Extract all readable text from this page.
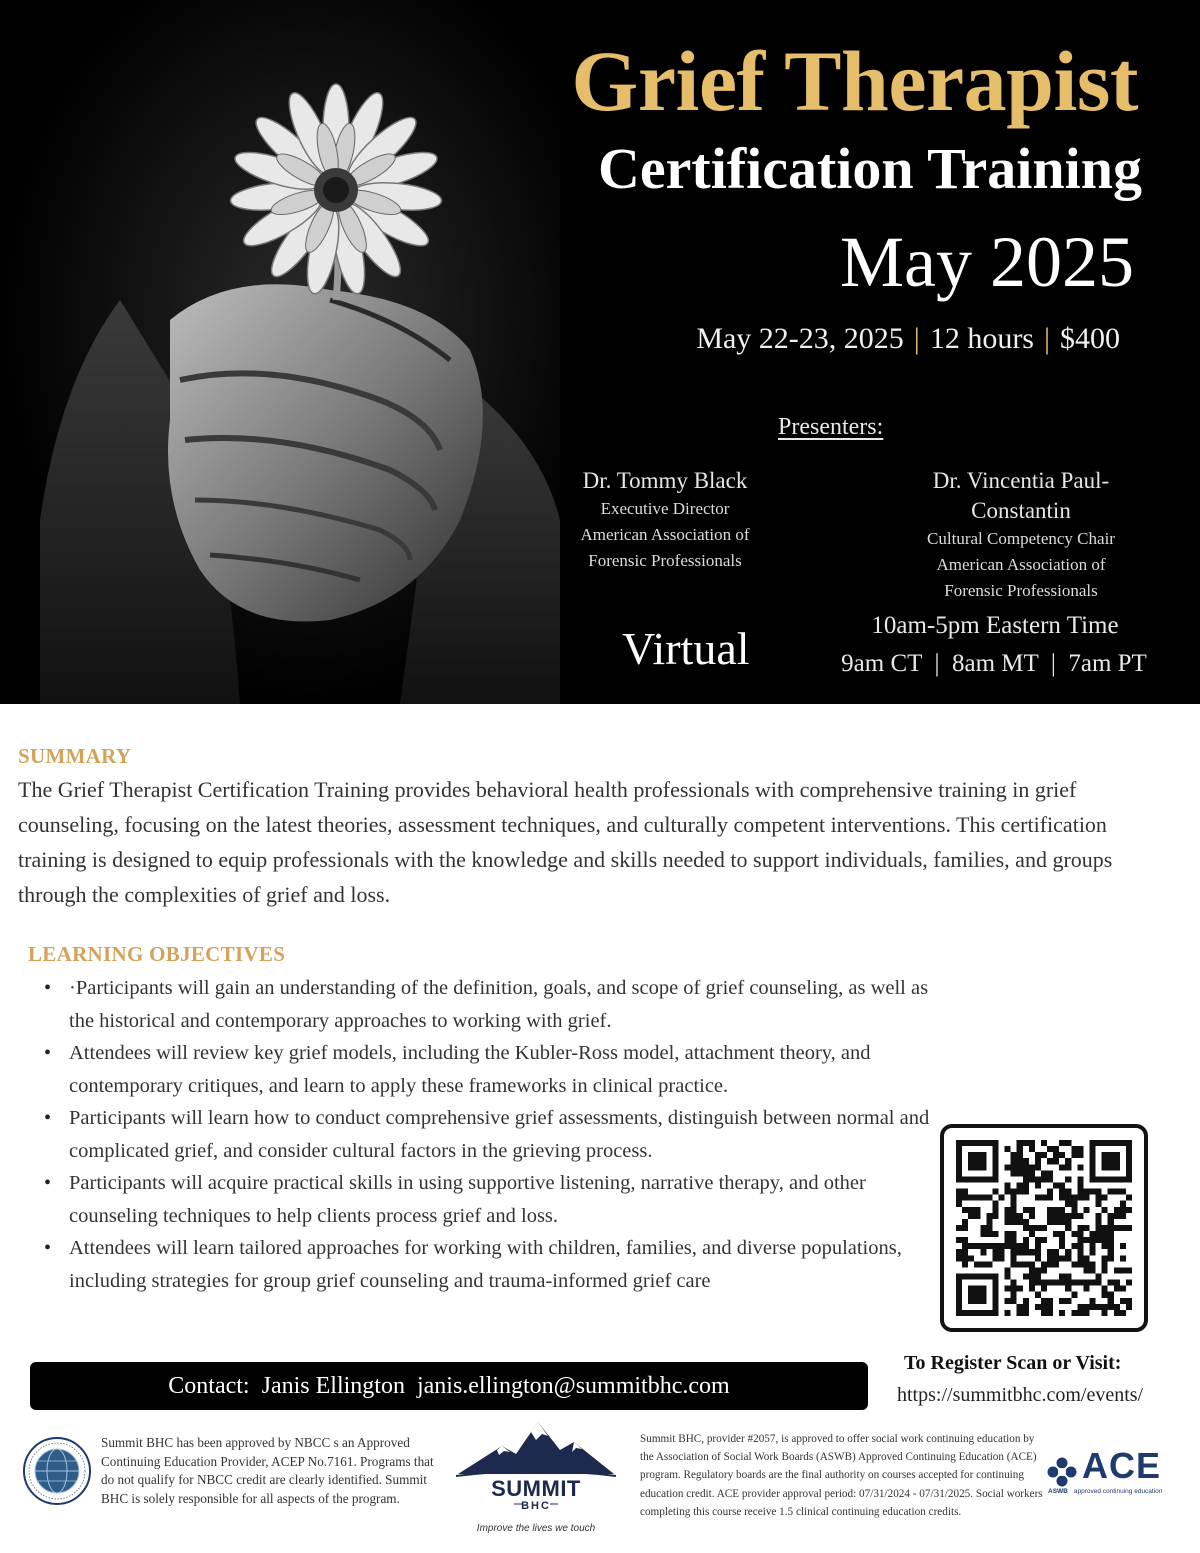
Grief Therapist
Certification Training
May 2025
May 22-23, 2025 | 12 hours | $400
Presenters:
Dr. Tommy Black
Executive Director
American Association of
Forensic Professionals
Dr. Vincentia Paul-Constantin
Cultural Competency Chair
American Association of
Forensic Professionals
Virtual	10am-5pm Eastern Time
9am CT  |  8am MT  |  7am PT
SUMMARY

The Grief Therapist Certification Training provides behavioral health professionals with comprehensive training in grief counseling, focusing on the latest theories, assessment techniques, and culturally competent interventions. This certification training is designed to equip professionals with the knowledge and skills needed to support individuals, families, and groups through the complexities of grief and loss.

LEARNING OBJECTIVES
• ·Participants will gain an understanding of the definition, goals, and scope of grief counseling, as well as the historical and contemporary approaches to working with grief.
• Attendees will review key grief models, including the Kubler-Ross model, attachment theory, and contemporary critiques, and learn to apply these frameworks in clinical practice.
• Participants will learn how to conduct comprehensive grief assessments, distinguish between normal and complicated grief, and consider cultural factors in the grieving process.
• Participants will acquire practical skills in using supportive listening, narrative therapy, and other counseling techniques to help clients process grief and loss.
• Attendees will learn tailored approaches for working with children, families, and diverse populations, including strategies for group grief counseling and trauma-informed grief care
To Register Scan or Visit:
https://summitbhc.com/events/
Contact: Janis Ellington janis.ellington@summitbhc.com

Summit BHC has been approved by NBCC s an Approved Continuing Education Provider, ACEP No.7161. Programs that do not qualify for NBCC credit are clearly identified. Summit BHC is solely responsible for all aspects of the program.	SUMMIT
BHC
Improve the lives we touch

Summit BHC, provider #2057, is approved to offer social work continuing education by the Association of Social Work Boards (ASWB) Approved Continuing Education (ACE) program. Regulatory boards are the final authority on courses accepted for continuing education credit. ACE provider approval period: 07/31/2024 - 07/31/2025. Social workers completing this course receive 1.5 clinical continuing education credits.

ACE
ASWB approved continuing education
